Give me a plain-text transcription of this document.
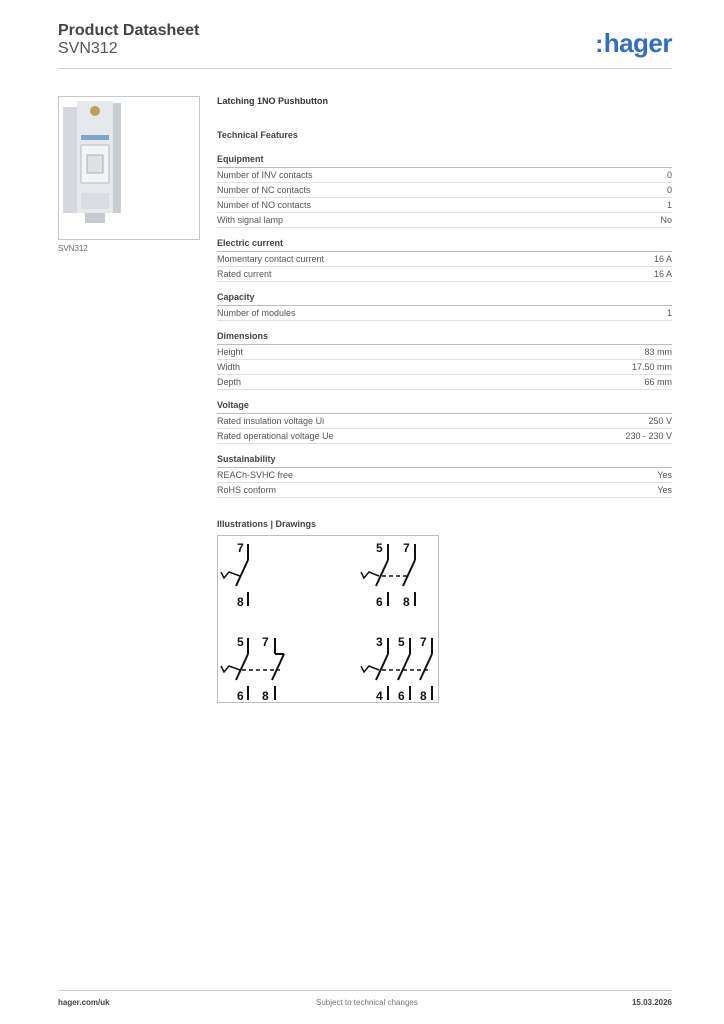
Product Datasheet
SVN312	:hager
SVN312
Latching 1NO Pushbutton
Technical Features
Equipment
Number of INV contacts	0
Number of NC contacts	0
Number of NO contacts	1
With signal lamp	No
Electric current
Momentary contact current	16 A
Rated current	16 A
Capacity
Number of modules	1
Dimensions
Height	83 mm
Width	17.50 mm
Depth	66 mm
Voltage
Rated insulation voltage Ui	250 V
Rated operational voltage Ue	230 - 230 V
Sustainability
REACh-SVHC free	Yes
RoHS conform	Yes
Illustrations | Drawings
7
8
5 7
6 8
5 7
6 8
3 5 7
4 6 8
hager.com/uk	Subject to technical changes	15.03.2026
